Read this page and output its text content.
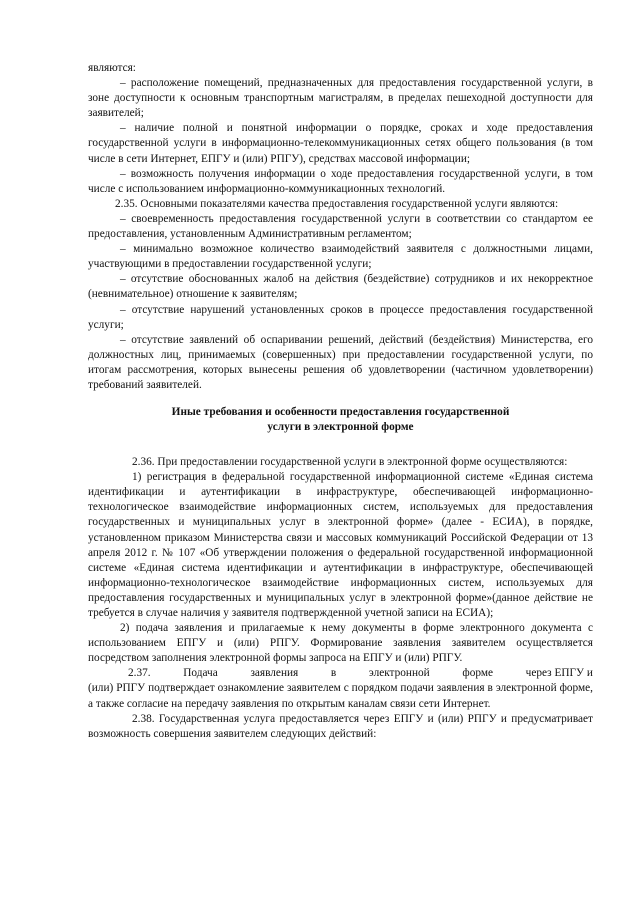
являются:

– расположение помещений, предназначенных для предоставления государственной услуги, в зоне доступности к основным транспортным магистралям, в пределах пешеходной доступности для заявителей;

– наличие полной и понятной информации о порядке, сроках и ходе предоставления государственной услуги в информационно-телекоммуникационных сетях общего пользования (в том числе в сети Интернет, ЕПГУ и (или) РПГУ), средствах массовой информации;

– возможность получения информации о ходе предоставления государственной услуги, в том числе с использованием информационно-коммуникационных технологий.

2.35. Основными показателями качества предоставления государственной услуги являются:

– своевременность предоставления государственной услуги в соответствии со стандартом ее предоставления, установленным Административным регламентом;

– минимально возможное количество взаимодействий заявителя с должностными лицами, участвующими в предоставлении государственной услуги;

– отсутствие обоснованных жалоб на действия (бездействие) сотрудников и их некорректное (невнимательное) отношение к заявителям;

– отсутствие нарушений установленных сроков в процессе предоставления государственной услуги;

– отсутствие заявлений об оспаривании решений, действий (бездействия) Министерства, его должностных лиц, принимаемых (совершенных) при предоставлении государственной услуги, по итогам рассмотрения, которых вынесены решения об удовлетворении (частичном удовлетворении) требований заявителей.

Иные требования и особенности предоставления государственной
услуги в электронной форме

2.36. При предоставлении государственной услуги в электронной форме осуществляются:

1) регистрация в федеральной государственной информационной системе «Единая система идентификации и аутентификации в инфраструктуре, обеспечивающей информационно-технологическое взаимодействие информационных систем, используемых для предоставления государственных и муниципальных услуг в электронной форме» (далее - ЕСИА), в порядке, установленном приказом Министерства связи и массовых коммуникаций Российской Федерации от 13 апреля 2012 г. № 107 «Об утверждении положения о федеральной государственной информационной системе «Единая система идентификации и аутентификации в инфраструктуре, обеспечивающей информационно-технологическое взаимодействие информационных систем, используемых для предоставления государственных и муниципальных услуг в электронной форме»(данное действие не требуется в случае наличия у заявителя подтвержденной учетной записи на ЕСИА);

2) подача заявления и прилагаемые к нему документы в форме электронного документа с использованием ЕПГУ и (или) РПГУ. Формирование заявления заявителем осуществляется посредством заполнения электронной формы запроса на ЕПГУ и (или) РПГУ.

2.37.	Подача	заявления	в	электронной	форме	через ЕПГУ и

(или) РПГУ подтверждает ознакомление заявителем с порядком подачи заявления в электронной форме, а также согласие на передачу заявления по открытым каналам связи сети Интернет.

2.38. Государственная услуга предоставляется через ЕПГУ и (или) РПГУ и предусматривает возможность совершения заявителем следующих действий:
